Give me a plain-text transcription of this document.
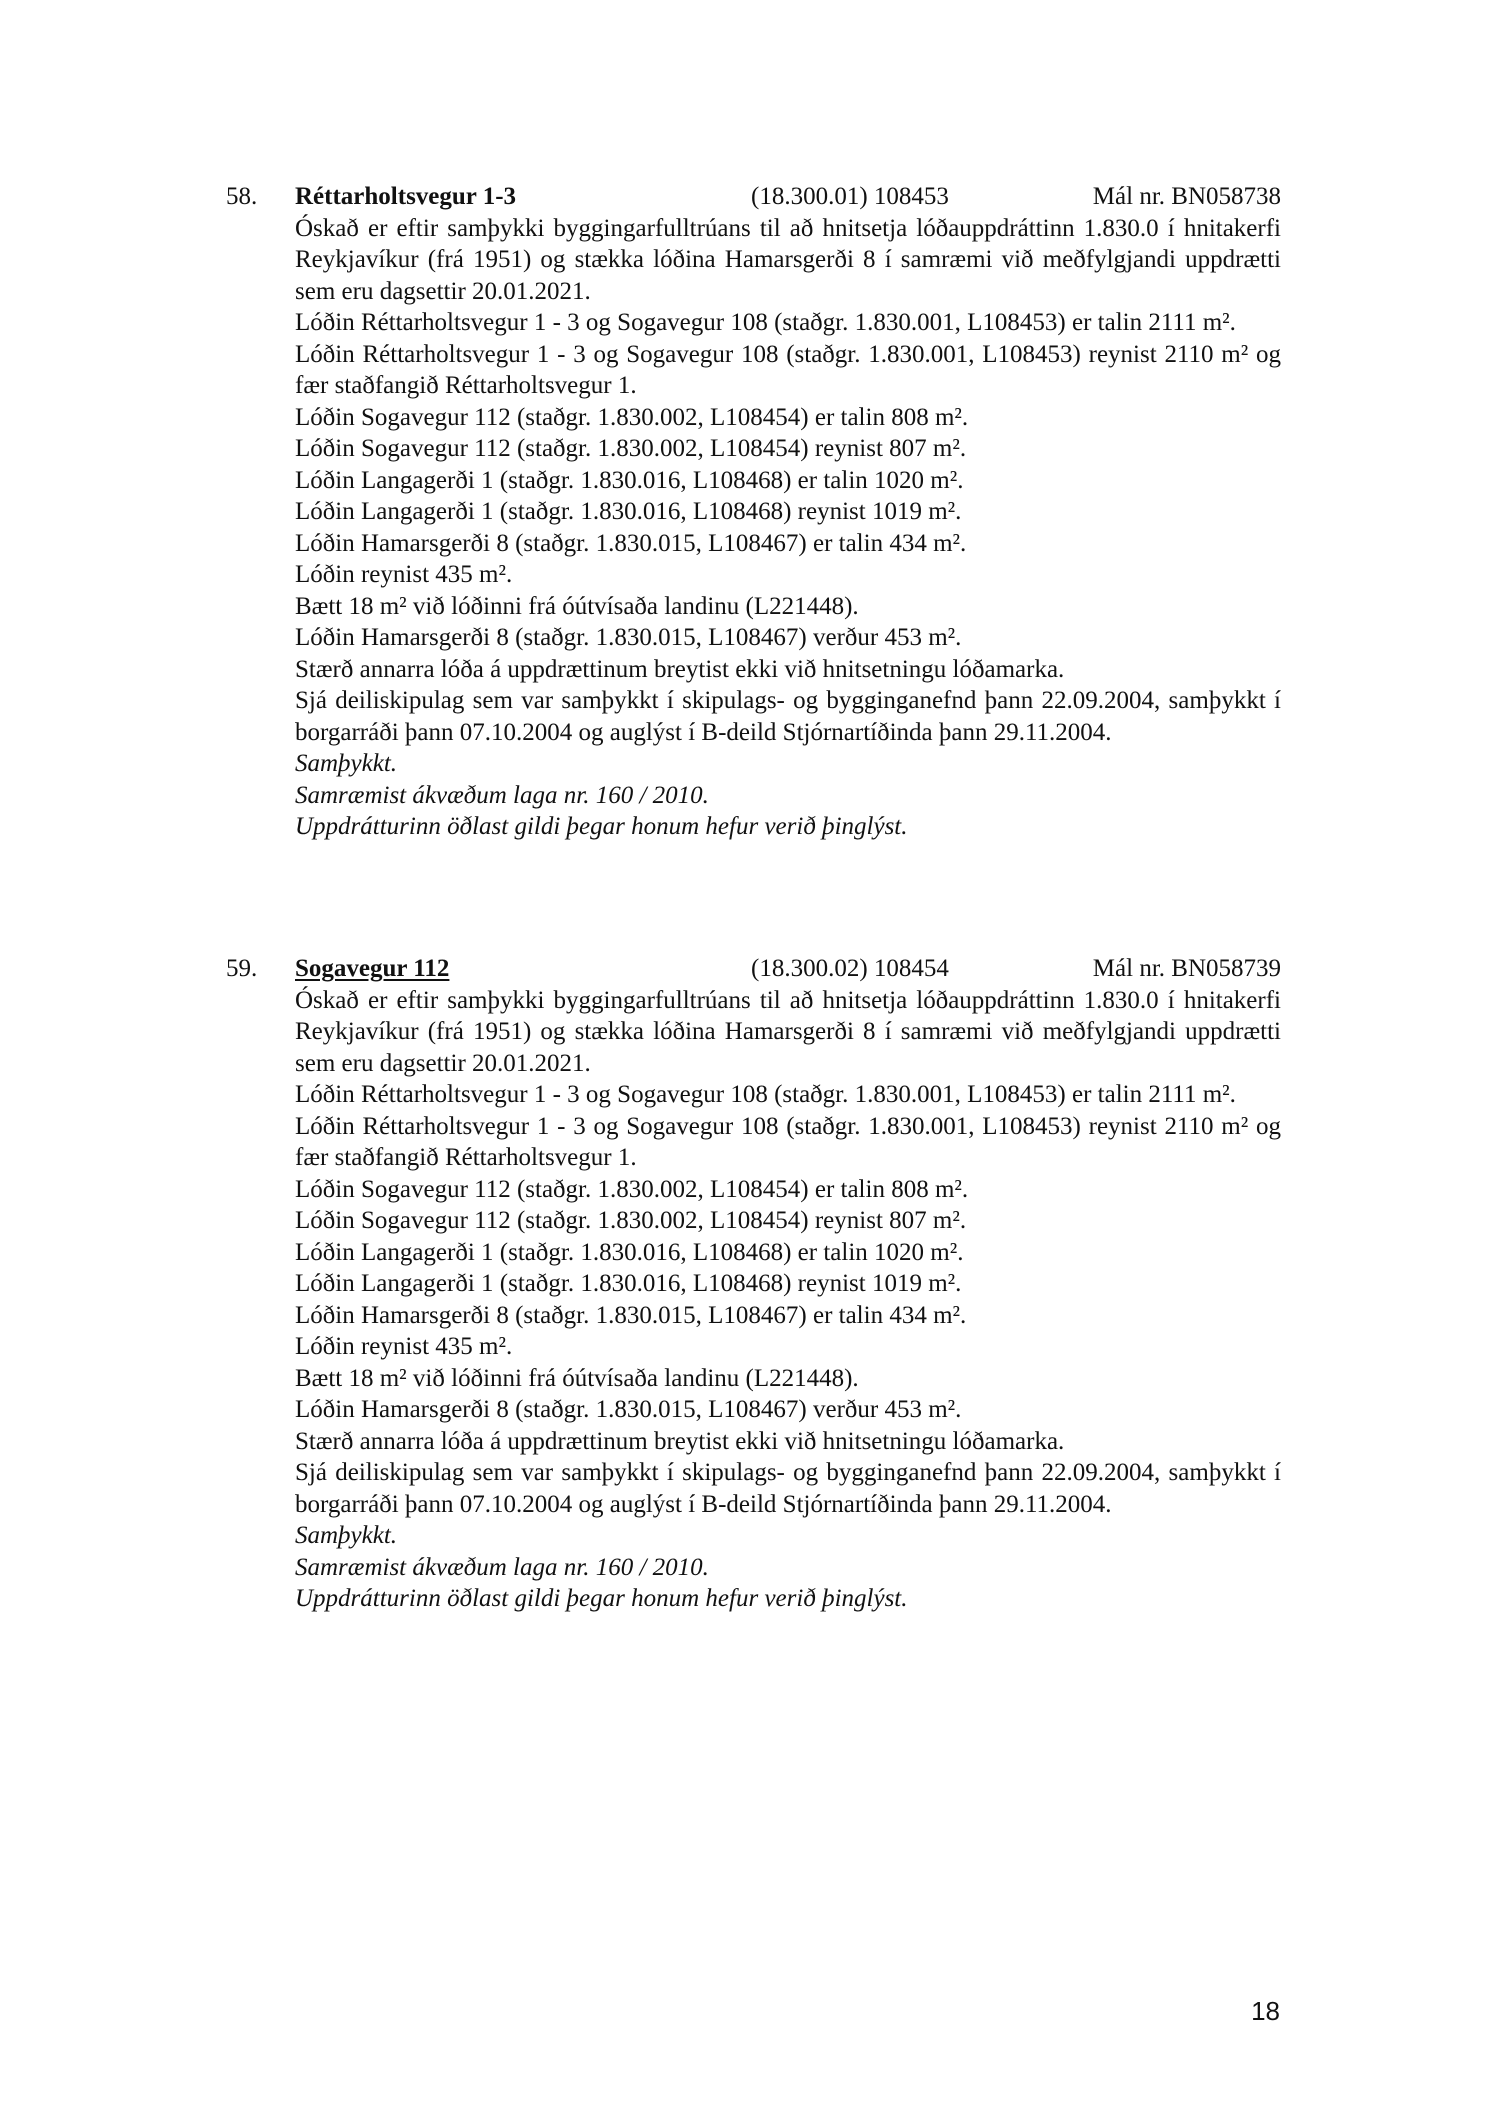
58. Réttarholtsvegur 1-3	(18.300.01) 108453	Mál nr. BN058738

Óskað er eftir samþykki byggingarfulltrúans til að hnitsetja lóðauppdráttinn 1.830.0 í hnitakerfi Reykjavíkur (frá 1951) og stækka lóðina Hamarsgerði 8 í samræmi við meðfylgjandi uppdrætti sem eru dagsettir 20.01.2021.

Lóðin Réttarholtsvegur 1 - 3 og Sogavegur 108 (staðgr. 1.830.001, L108453) er talin 2111 m².

Lóðin Réttarholtsvegur 1 - 3 og Sogavegur 108 (staðgr. 1.830.001, L108453) reynist 2110 m² og fær staðfangið Réttarholtsvegur 1.

Lóðin Sogavegur 112 (staðgr. 1.830.002, L108454) er talin 808 m².

Lóðin Sogavegur 112 (staðgr. 1.830.002, L108454) reynist 807 m².

Lóðin Langagerði 1 (staðgr. 1.830.016, L108468) er talin 1020 m².

Lóðin Langagerði 1 (staðgr. 1.830.016, L108468) reynist 1019 m².

Lóðin Hamarsgerði 8 (staðgr. 1.830.015, L108467) er talin 434 m².

Lóðin reynist 435 m².

Bætt 18 m² við lóðinni frá óútvísaða landinu (L221448).

Lóðin Hamarsgerði 8 (staðgr. 1.830.015, L108467) verður 453 m².

Stærð annarra lóða á uppdrættinum breytist ekki við hnitsetningu lóðamarka.

Sjá deiliskipulag sem var samþykkt í skipulags- og bygginganefnd þann 22.09.2004, samþykkt í borgarráði þann 07.10.2004 og auglýst í B-deild Stjórnartíðinda þann 29.11.2004.

Samþykkt.

Samræmist ákvæðum laga nr. 160 / 2010.

Uppdrátturinn öðlast gildi þegar honum hefur verið þinglýst.

59. Sogavegur 112	(18.300.02) 108454	Mál nr. BN058739

Óskað er eftir samþykki byggingarfulltrúans til að hnitsetja lóðauppdráttinn 1.830.0 í hnitakerfi Reykjavíkur (frá 1951) og stækka lóðina Hamarsgerði 8 í samræmi við meðfylgjandi uppdrætti sem eru dagsettir 20.01.2021.

Lóðin Réttarholtsvegur 1 - 3 og Sogavegur 108 (staðgr. 1.830.001, L108453) er talin 2111 m².

Lóðin Réttarholtsvegur 1 - 3 og Sogavegur 108 (staðgr. 1.830.001, L108453) reynist 2110 m² og fær staðfangið Réttarholtsvegur 1.

Lóðin Sogavegur 112 (staðgr. 1.830.002, L108454) er talin 808 m².

Lóðin Sogavegur 112 (staðgr. 1.830.002, L108454) reynist 807 m².

Lóðin Langagerði 1 (staðgr. 1.830.016, L108468) er talin 1020 m².

Lóðin Langagerði 1 (staðgr. 1.830.016, L108468) reynist 1019 m².

Lóðin Hamarsgerði 8 (staðgr. 1.830.015, L108467) er talin 434 m².

Lóðin reynist 435 m².

Bætt 18 m² við lóðinni frá óútvísaða landinu (L221448).

Lóðin Hamarsgerði 8 (staðgr. 1.830.015, L108467) verður 453 m².

Stærð annarra lóða á uppdrættinum breytist ekki við hnitsetningu lóðamarka.

Sjá deiliskipulag sem var samþykkt í skipulags- og bygginganefnd þann 22.09.2004, samþykkt í borgarráði þann 07.10.2004 og auglýst í B-deild Stjórnartíðinda þann 29.11.2004.

Samþykkt.

Samræmist ákvæðum laga nr. 160 / 2010.

Uppdrátturinn öðlast gildi þegar honum hefur verið þinglýst.

18
